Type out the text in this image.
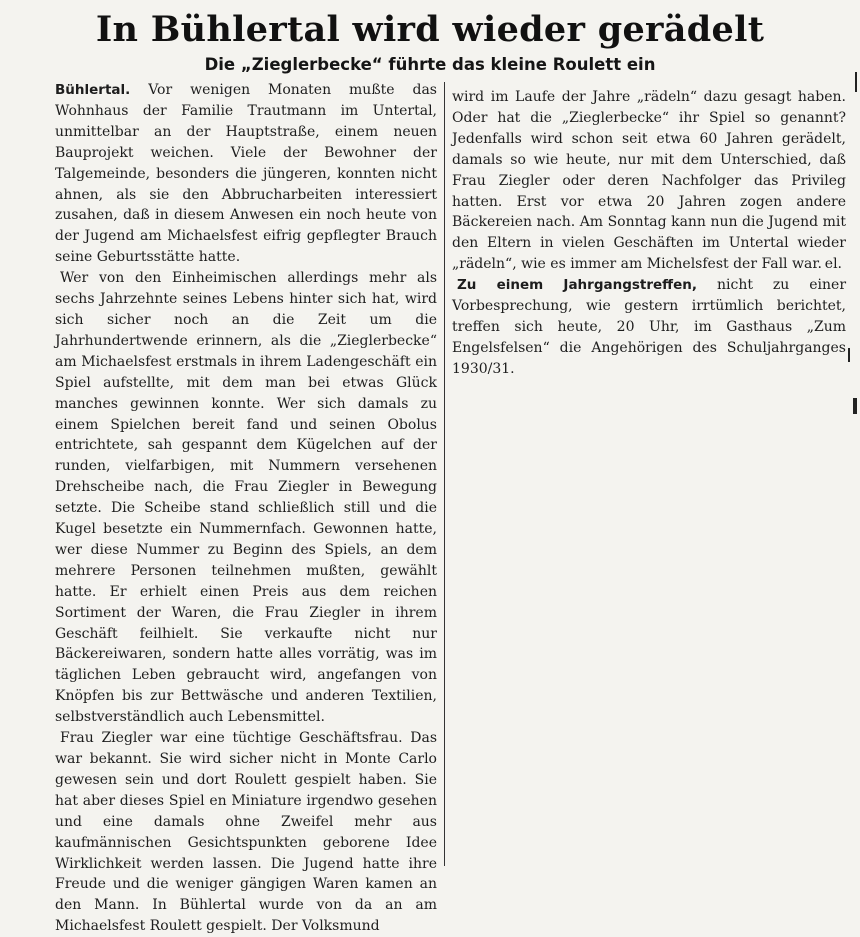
In Bühlertal wird wieder gerädelt
Die „Zieglerbecke“ führte das kleine Roulett ein

Bühlertal. Vor wenigen Monaten mußte das Wohnhaus der Familie Trautmann im Untertal, unmittelbar an der Hauptstraße, einem neuen Bauprojekt weichen. Viele der Bewohner der Talgemeinde, besonders die jüngeren, konnten nicht ahnen, als sie den Abbrucharbeiten interessiert zusahen, daß in diesem Anwesen ein noch heute von der Jugend am Michaelsfest eifrig gepflegter Brauch seine Geburtsstätte hatte.

Wer von den Einheimischen allerdings mehr als sechs Jahrzehnte seines Lebens hinter sich hat, wird sich sicher noch an die Zeit um die Jahrhundertwende erinnern, als die „Zieglerbecke“ am Michaelsfest erstmals in ihrem Ladengeschäft ein Spiel aufstellte, mit dem man bei etwas Glück manches gewinnen konnte. Wer sich damals zu einem Spielchen bereit fand und seinen Obolus entrichtete, sah gespannt dem Kügelchen auf der runden, vielfarbigen, mit Nummern versehenen Drehscheibe nach, die Frau Ziegler in Bewegung setzte. Die Scheibe stand schließlich still und die Kugel besetzte ein Nummernfach. Gewonnen hatte, wer diese Nummer zu Beginn des Spiels, an dem mehrere Personen teilnehmen mußten, gewählt hatte. Er erhielt einen Preis aus dem reichen Sortiment der Waren, die Frau Ziegler in ihrem Geschäft feilhielt. Sie verkaufte nicht nur Bäckereiwaren, sondern hatte alles vorrätig, was im täglichen Leben gebraucht wird, angefangen von Knöpfen bis zur Bettwäsche und anderen Textilien, selbstverständlich auch Lebensmittel.

Frau Ziegler war eine tüchtige Geschäftsfrau. Das war bekannt. Sie wird sicher nicht in Monte Carlo gewesen sein und dort Roulett gespielt haben. Sie hat aber dieses Spiel en Miniature irgendwo gesehen und eine damals ohne Zweifel mehr aus kaufmännischen Gesichtspunkten geborene Idee Wirklichkeit werden lassen. Die Jugend hatte ihre Freude und die weniger gängigen Waren kamen an den Mann. In Bühlertal wurde von da an am Michaelsfest Roulett gespielt. Der Volksmund

wird im Laufe der Jahre „rädeln“ dazu gesagt haben. Oder hat die „Zieglerbecke“ ihr Spiel so genannt? Jedenfalls wird schon seit etwa 60 Jahren gerädelt, damals so wie heute, nur mit dem Unterschied, daß Frau Ziegler oder deren Nachfolger das Privileg hatten. Erst vor etwa 20 Jahren zogen andere Bäckereien nach. Am Sonntag kann nun die Jugend mit den Eltern in vielen Geschäften im Untertal wieder „rädeln“, wie es immer am Michelsfest der Fall war. el.

Zu einem Jahrgangstreffen, nicht zu einer Vorbesprechung, wie gestern irrtümlich berichtet, treffen sich heute, 20 Uhr, im Gasthaus „Zum Engelsfelsen“ die Angehörigen des Schuljahrganges 1930/31.
